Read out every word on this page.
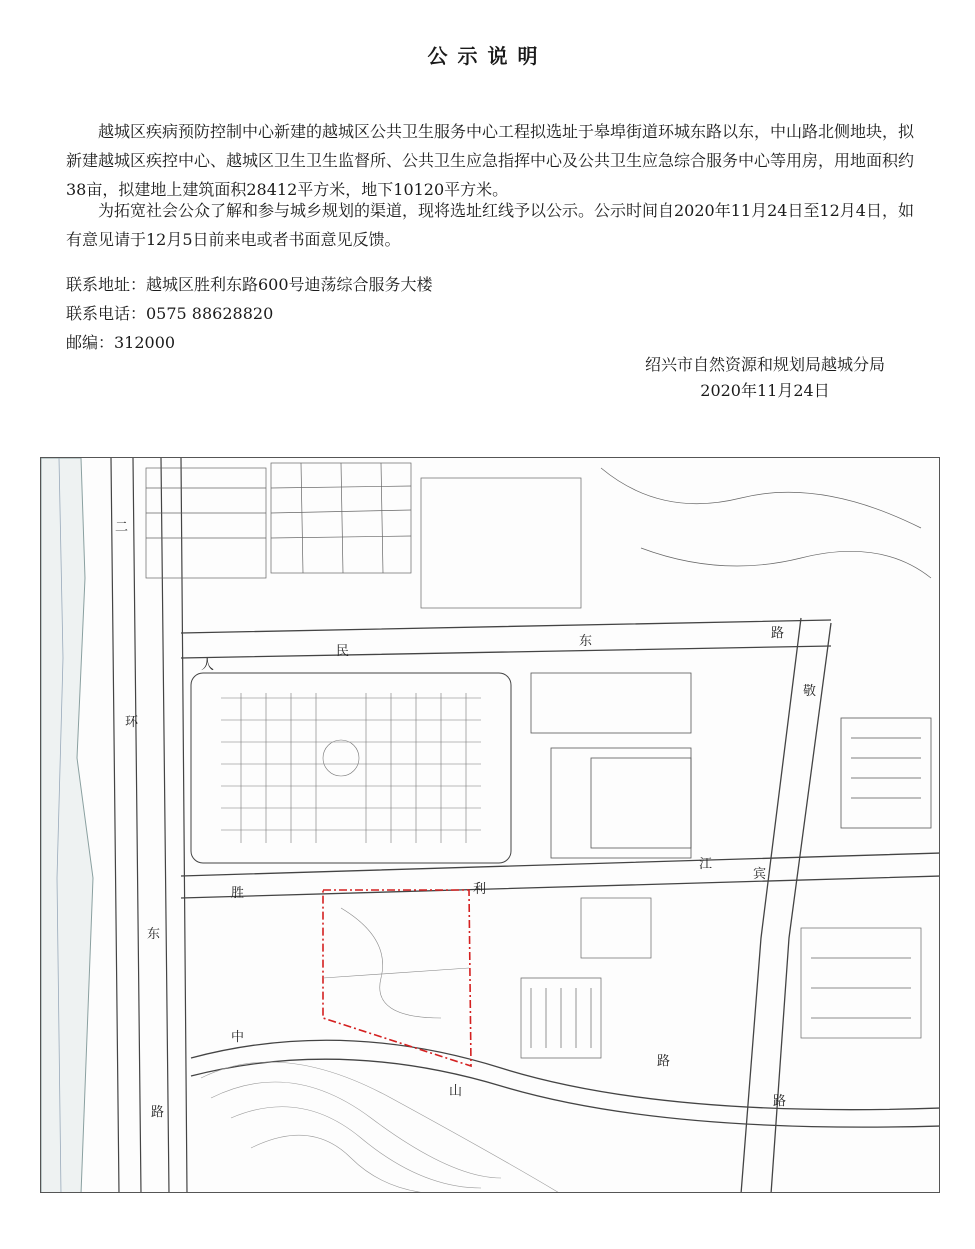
公示说明

越城区疾病预防控制中心新建的越城区公共卫生服务中心工程拟选址于皋埠街道环城东路以东，中山路北侧地块，拟新建越城区疾控中心、越城区卫生卫生监督所、公共卫生应急指挥中心及公共卫生应急综合服务中心等用房，用地面积约38亩，拟建地上建筑面积28412平方米，地下10120平方米。

为拓宽社会公众了解和参与城乡规划的渠道，现将选址红线予以公示。公示时间自2020年11月24日至12月4日，如有意见请于12月5日前来电或者书面意见反馈。

联系地址：越城区胜利东路600号迪荡综合服务大楼
联系电话：0575 88628820
邮编：312000
绍兴市自然资源和规划局越城分局
2020年11月24日
二
环
东
路
人
民
东
路
敬
胜	利
江
宾
中
山
路
路
